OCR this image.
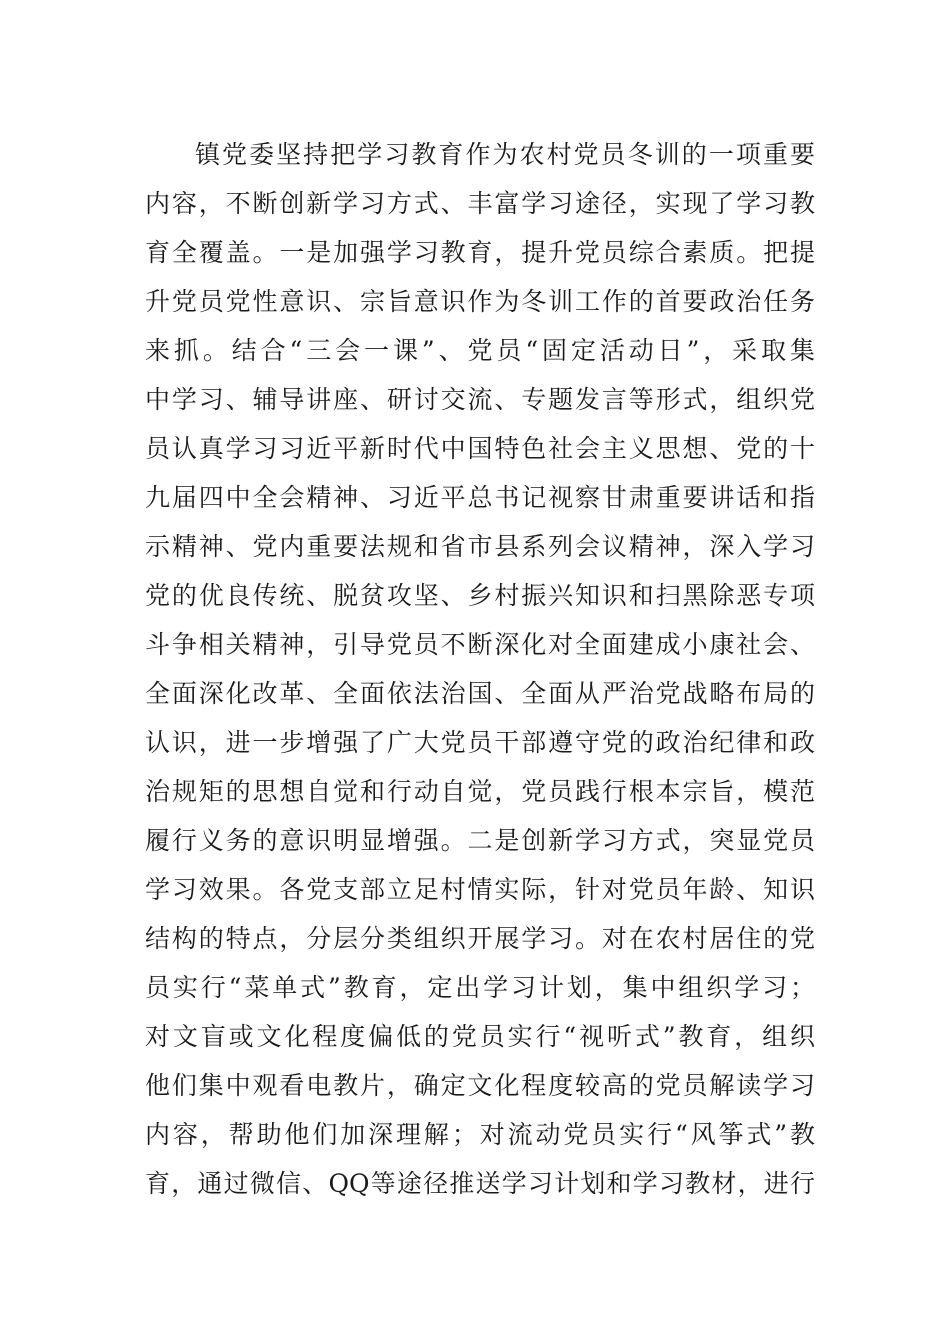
镇党委坚持把学习教育作为农村党员冬训的一项重要
内容，不断创新学习方式、丰富学习途径，实现了学习教
育全覆盖。一是加强学习教育，提升党员综合素质。把提
升党员党性意识、宗旨意识作为冬训工作的首要政治任务
来抓。结合“三会一课”、党员“固定活动日”，采取集
中学习、辅导讲座、研讨交流、专题发言等形式，组织党
员认真学习习近平新时代中国特色社会主义思想、党的十
九届四中全会精神、习近平总书记视察甘肃重要讲话和指
示精神、党内重要法规和省市县系列会议精神，深入学习
党的优良传统、脱贫攻坚、乡村振兴知识和扫黑除恶专项
斗争相关精神，引导党员不断深化对全面建成小康社会、
全面深化改革、全面依法治国、全面从严治党战略布局的
认识，进一步增强了广大党员干部遵守党的政治纪律和政
治规矩的思想自觉和行动自觉，党员践行根本宗旨，模范
履行义务的意识明显增强。二是创新学习方式，突显党员
学习效果。各党支部立足村情实际，针对党员年龄、知识
结构的特点，分层分类组织开展学习。对在农村居住的党
员实行“菜单式”教育，定出学习计划，集中组织学习；
对文盲或文化程度偏低的党员实行“视听式”教育，组织
他们集中观看电教片，确定文化程度较高的党员解读学习
内容，帮助他们加深理解；对流动党员实行“风筝式”教
育，通过微信、QQ等途径推送学习计划和学习教材，进行
